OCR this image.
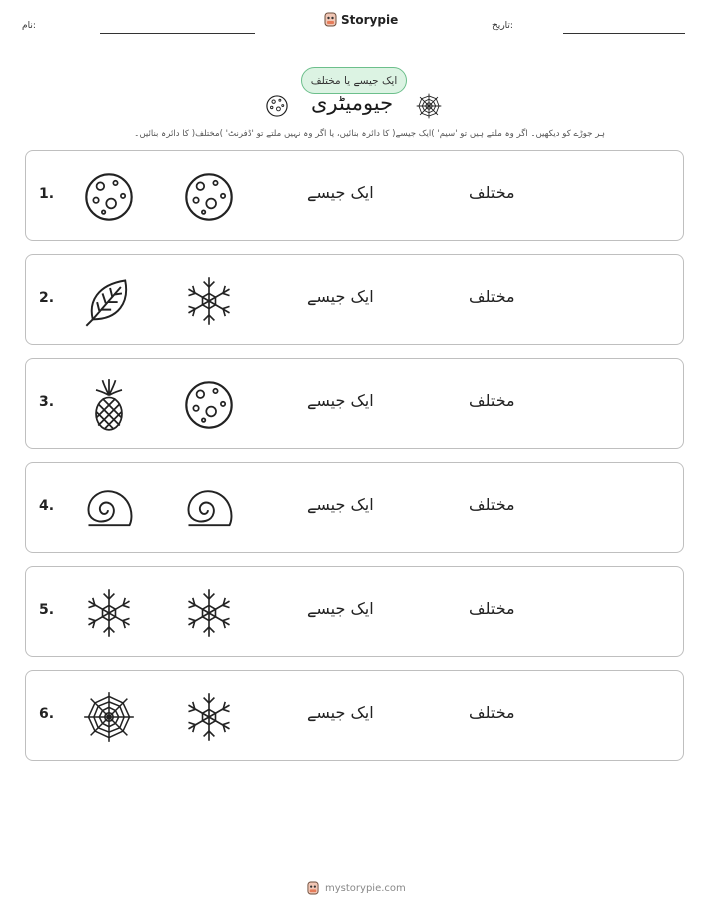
نام:	Storypie	تاریخ:
ایک جیسے یا مختلف
جیومیٹری
ہر جوڑے کو دیکھیں۔ اگر وہ ملتے ہیں تو 'سیم' )ایک جیسے( کا دائرہ بنائیں، یا اگر وہ نہیں ملتے تو 'ڈفرنٹ' )مختلف( کا دائرہ بنائیں۔
1.	ایک جیسے	مختلف
2.	ایک جیسے	مختلف
3.	ایک جیسے	مختلف
4.	ایک جیسے	مختلف
5.	ایک جیسے	مختلف
6.	ایک جیسے	مختلف
mystorypie.com
